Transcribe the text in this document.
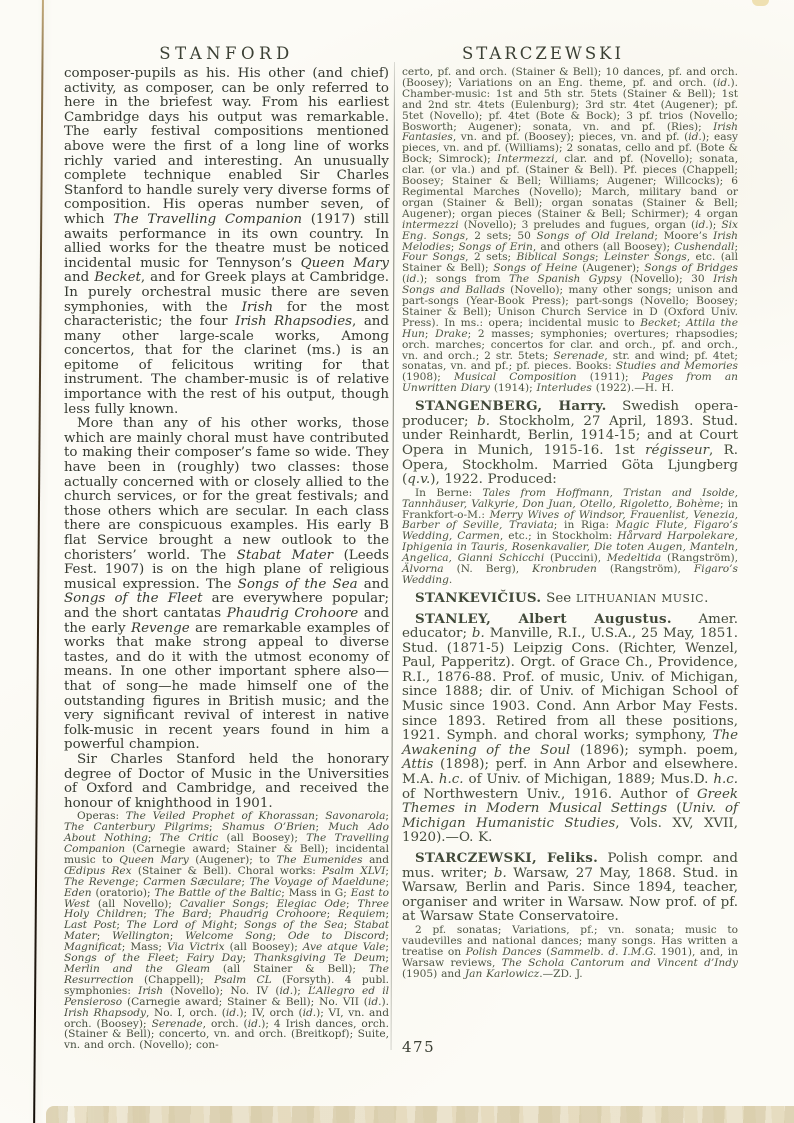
STANFORD	STARCZEWSKI

composer-pupils as his. His other (and chief) activity, as composer, can be only referred to here in the briefest way. From his earliest Cambridge days his output was remarkable. The early festival compositions mentioned above were the first of a long line of works richly varied and interesting. An unusually complete technique enabled Sir Charles Stanford to handle surely very diverse forms of composition. His operas number seven, of which The Travelling Companion (1917) still awaits performance in its own country. In allied works for the theatre must be noticed incidental music for Tennyson’s Queen Mary and Becket, and for Greek plays at Cambridge. In purely orchestral music there are seven symphonies, with the Irish for the most characteristic; the four Irish Rhapsodies, and many other large-scale works, Among concertos, that for the clarinet (ms.) is an epitome of felicitous writing for that instrument. The chamber-music is of relative importance with the rest of his output, though less fully known.

More than any of his other works, those which are mainly choral must have contributed to making their composer’s fame so wide. They have been in (roughly) two classes: those actually concerned with or closely allied to the church services, or for the great festivals; and those others which are secular. In each class there are conspicuous examples. His early B flat Service brought a new outlook to the choristers’ world. The Stabat Mater (Leeds Fest. 1907) is on the high plane of religious musical expression. The Songs of the Sea and Songs of the Fleet are everywhere popular; and the short cantatas Phaudrig Crohoore and the early Revenge are remarkable examples of works that make strong appeal to diverse tastes, and do it with the utmost economy of means. In one other important sphere also—that of song—he made himself one of the outstanding figures in British music; and the very significant revival of interest in native folk-music in recent years found in him a powerful champion.

Sir Charles Stanford held the honorary degree of Doctor of Music in the Universities of Oxford and Cambridge, and received the honour of knighthood in 1901.

Operas: The Veiled Prophet of Khorassan; Savonarola; The Canterbury Pilgrims; Shamus O’Brien; Much Ado About Nothing; The Critic (all Boosey); The Travelling Companion (Carnegie award; Stainer & Bell); incidental music to Queen Mary (Augener); to The Eumenides and Œdipus Rex (Stainer & Bell). Choral works: Psalm XLVI; The Revenge; Carmen Sæculare; The Voyage of Maeldune; Eden (oratorio); The Battle of the Baltic; Mass in G; East to West (all Novello); Cavalier Songs; Elegiac Ode; Three Holy Children; The Bard; Phaudrig Crohoore; Requiem; Last Post; The Lord of Might; Songs of the Sea; Stabat Mater; Wellington; Welcome Song; Ode to Discord; Magnificat; Mass; Via Victrix (all Boosey); Ave atque Vale; Songs of the Fleet; Fairy Day; Thanksgiving Te Deum; Merlin and the Gleam (all Stainer & Bell); The Resurrection (Chappell); Psalm CL (Forsyth). 4 publ. symphonies: Irish (Novello); No. IV (id.); L’Allegro ed il Pensieroso (Carnegie award; Stainer & Bell); No. VII (id.). Irish Rhapsody, No. I, orch. (id.); IV, orch (id.); VI, vn. and orch. (Boosey); Serenade, orch. (id.); 4 Irish dances, orch. (Stainer & Bell); concerto, vn. and orch. (Breitkopf); Suite, vn. and orch. (Novello); con-

certo, pf. and orch. (Stainer & Bell); 10 dances, pf. and orch. (Boosey); Variations on an Eng. theme, pf. and orch. (id.). Chamber-music: 1st and 5th str. 5tets (Stainer & Bell); 1st and 2nd str. 4tets (Eulenburg); 3rd str. 4tet (Augener); pf. 5tet (Novello); pf. 4tet (Bote & Bock); 3 pf. trios (Novello; Bosworth; Augener); sonata, vn. and pf. (Ries); Irish Fantasies, vn. and pf. (Boosey); pieces, vn. and pf. (id.); easy pieces, vn. and pf. (Williams); 2 sonatas, cello and pf. (Bote & Bock; Simrock); Intermezzi, clar. and pf. (Novello); sonata, clar. (or vla.) and pf. (Stainer & Bell). Pf. pieces (Chappell; Boosey; Stainer & Bell; Williams; Augener; Willcocks); 6 Regimental Marches (Novello); March, military band or organ (Stainer & Bell); organ sonatas (Stainer & Bell; Augener); organ pieces (Stainer & Bell; Schirmer); 4 organ intermezzi (Novello); 3 preludes and fugues, organ (id.); Six Eng. Songs, 2 sets; 50 Songs of Old Ireland; Moore’s Irish Melodies; Songs of Erin, and others (all Boosey); Cushendall; Four Songs, 2 sets; Biblical Songs; Leinster Songs, etc. (all Stainer & Bell); Songs of Heine (Augener); Songs of Bridges (id.); songs from The Spanish Gypsy (Novello); 30 Irish Songs and Ballads (Novello); many other songs; unison and part-songs (Year-Book Press); part-songs (Novello; Boosey; Stainer & Bell); Unison Church Service in D (Oxford Univ. Press). In ms.: opera; incidental music to Becket; Attila the Hun; Drake; 2 masses; symphonies; overtures; rhapsodies; orch. marches; concertos for clar. and orch., pf. and orch., vn. and orch.; 2 str. 5tets; Serenade, str. and wind; pf. 4tet; sonatas, vn. and pf.; pf. pieces. Books: Studies and Memories (1908); Musical Composition (1911); Pages from an Unwritten Diary (1914); Interludes (1922).—H. H.

STANGENBERG, Harry. Swedish opera-producer; b. Stockholm, 27 April, 1893. Stud. under Reinhardt, Berlin, 1914-15; and at Court Opera in Munich, 1915-16. 1st régisseur, R. Opera, Stockholm. Married Göta Ljungberg (q.v.), 1922. Produced:

In Berne: Tales from Hoffmann, Tristan and Isolde, Tannhäuser, Valkyrie, Don Juan, Otello, Rigoletto, Bohème; in Frankfort-o-M.: Merry Wives of Windsor, Frauenlist, Venezia, Barber of Seville, Traviata; in Riga: Magic Flute, Figaro’s Wedding, Carmen, etc.; in Stockholm: Hårvard Harpolekare, Iphigenia in Tauris, Rosenkavalier, Die toten Augen, Manteln, Angelica, Gianni Schicchi (Puccini), Medeltida (Rangström), Älvorna (N. Berg), Kronbruden (Rangström), Figaro’s Wedding.

STANKEVIČIUS. See LITHUANIAN MUSIC.

STANLEY, Albert Augustus. Amer. educator; b. Manville, R.I., U.S.A., 25 May, 1851. Stud. (1871-5) Leipzig Cons. (Richter, Wenzel, Paul, Papperitz). Orgt. of Grace Ch., Providence, R.I., 1876-88. Prof. of music, Univ. of Michigan, since 1888; dir. of Univ. of Michigan School of Music since 1903. Cond. Ann Arbor May Fests. since 1893. Retired from all these positions, 1921. Symph. and choral works; symphony, The Awakening of the Soul (1896); symph. poem, Attis (1898); perf. in Ann Arbor and elsewhere. M.A. h.c. of Univ. of Michigan, 1889; Mus.D. h.c. of Northwestern Univ., 1916. Author of Greek Themes in Modern Musical Settings (Univ. of Michigan Humanistic Studies, Vols. XV, XVII, 1920).—O. K.

STARCZEWSKI, Feliks. Polish compr. and mus. writer; b. Warsaw, 27 May, 1868. Stud. in Warsaw, Berlin and Paris. Since 1894, teacher, organiser and writer in Warsaw. Now prof. of pf. at Warsaw State Conservatoire.

2 pf. sonatas; Variations, pf.; vn. sonata; music to vaudevilles and national dances; many songs. Has written a treatise on Polish Dances (Sammelb. d. I.M.G. 1901), and, in Warsaw reviews, The Schola Cantorum and Vincent d’Indy (1905) and Jan Karlowicz.—ZD. J.

475
